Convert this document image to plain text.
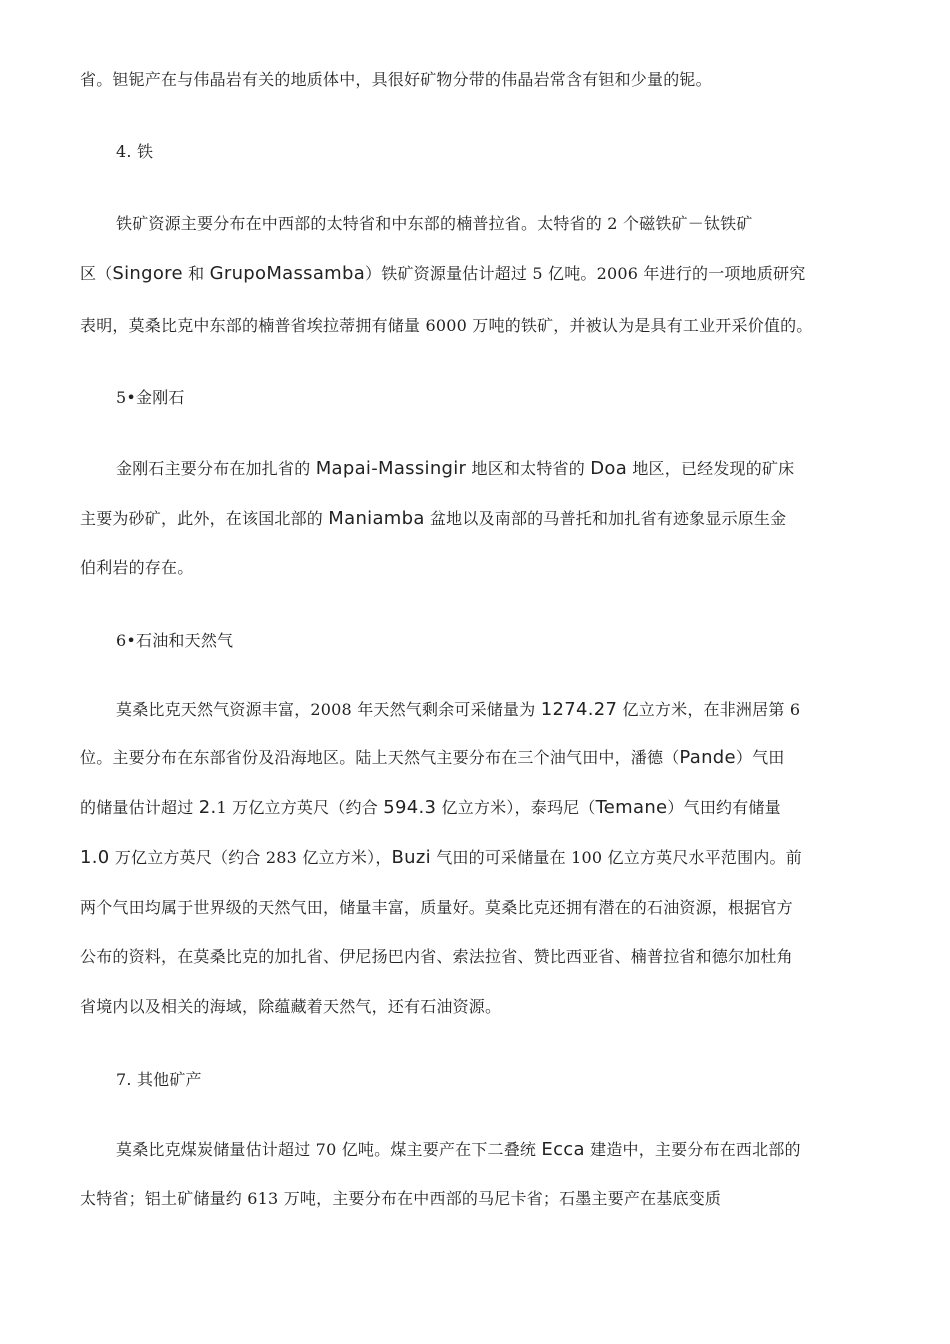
省。钽铌产在与伟晶岩有关的地质体中，具很好矿物分带的伟晶岩常含有钽和少量的铌。
4. 铁
铁矿资源主要分布在中西部的太特省和中东部的楠普拉省。太特省的 2 个磁铁矿－钛铁矿
区（Singore 和 GrupoMassamba）铁矿资源量估计超过 5 亿吨。2006 年进行的一项地质研究
表明，莫桑比克中东部的楠普省埃拉蒂拥有储量 6000 万吨的铁矿，并被认为是具有工业开采价值的。
5•金刚石
金刚石主要分布在加扎省的 Mapai-Massingir 地区和太特省的 Doa 地区，已经发现的矿床
主要为砂矿，此外，在该国北部的 Maniamba 盆地以及南部的马普托和加扎省有迹象显示原生金
伯利岩的存在。
6•石油和天然气
莫桑比克天然气资源丰富，2008 年天然气剩余可采储量为 1274.27 亿立方米，在非洲居第 6
位。主要分布在东部省份及沿海地区。陆上天然气主要分布在三个油气田中，潘德（Pande）气田
的储量估计超过 2.1 万亿立方英尺（约合 594.3 亿立方米），泰玛尼（Temane）气田约有储量
1.0 万亿立方英尺（约合 283 亿立方米），Buzi 气田的可采储量在 100 亿立方英尺水平范围内。前
两个气田均属于世界级的天然气田，储量丰富，质量好。莫桑比克还拥有潜在的石油资源，根据官方
公布的资料，在莫桑比克的加扎省、伊尼扬巴内省、索法拉省、赞比西亚省、楠普拉省和德尔加杜角
省境内以及相关的海域，除蕴藏着天然气，还有石油资源。
7. 其他矿产
莫桑比克煤炭储量估计超过 70 亿吨。煤主要产在下二叠统 Ecca 建造中，主要分布在西北部的
太特省；铝土矿储量约 613 万吨，主要分布在中西部的马尼卡省；石墨主要产在基底变质
